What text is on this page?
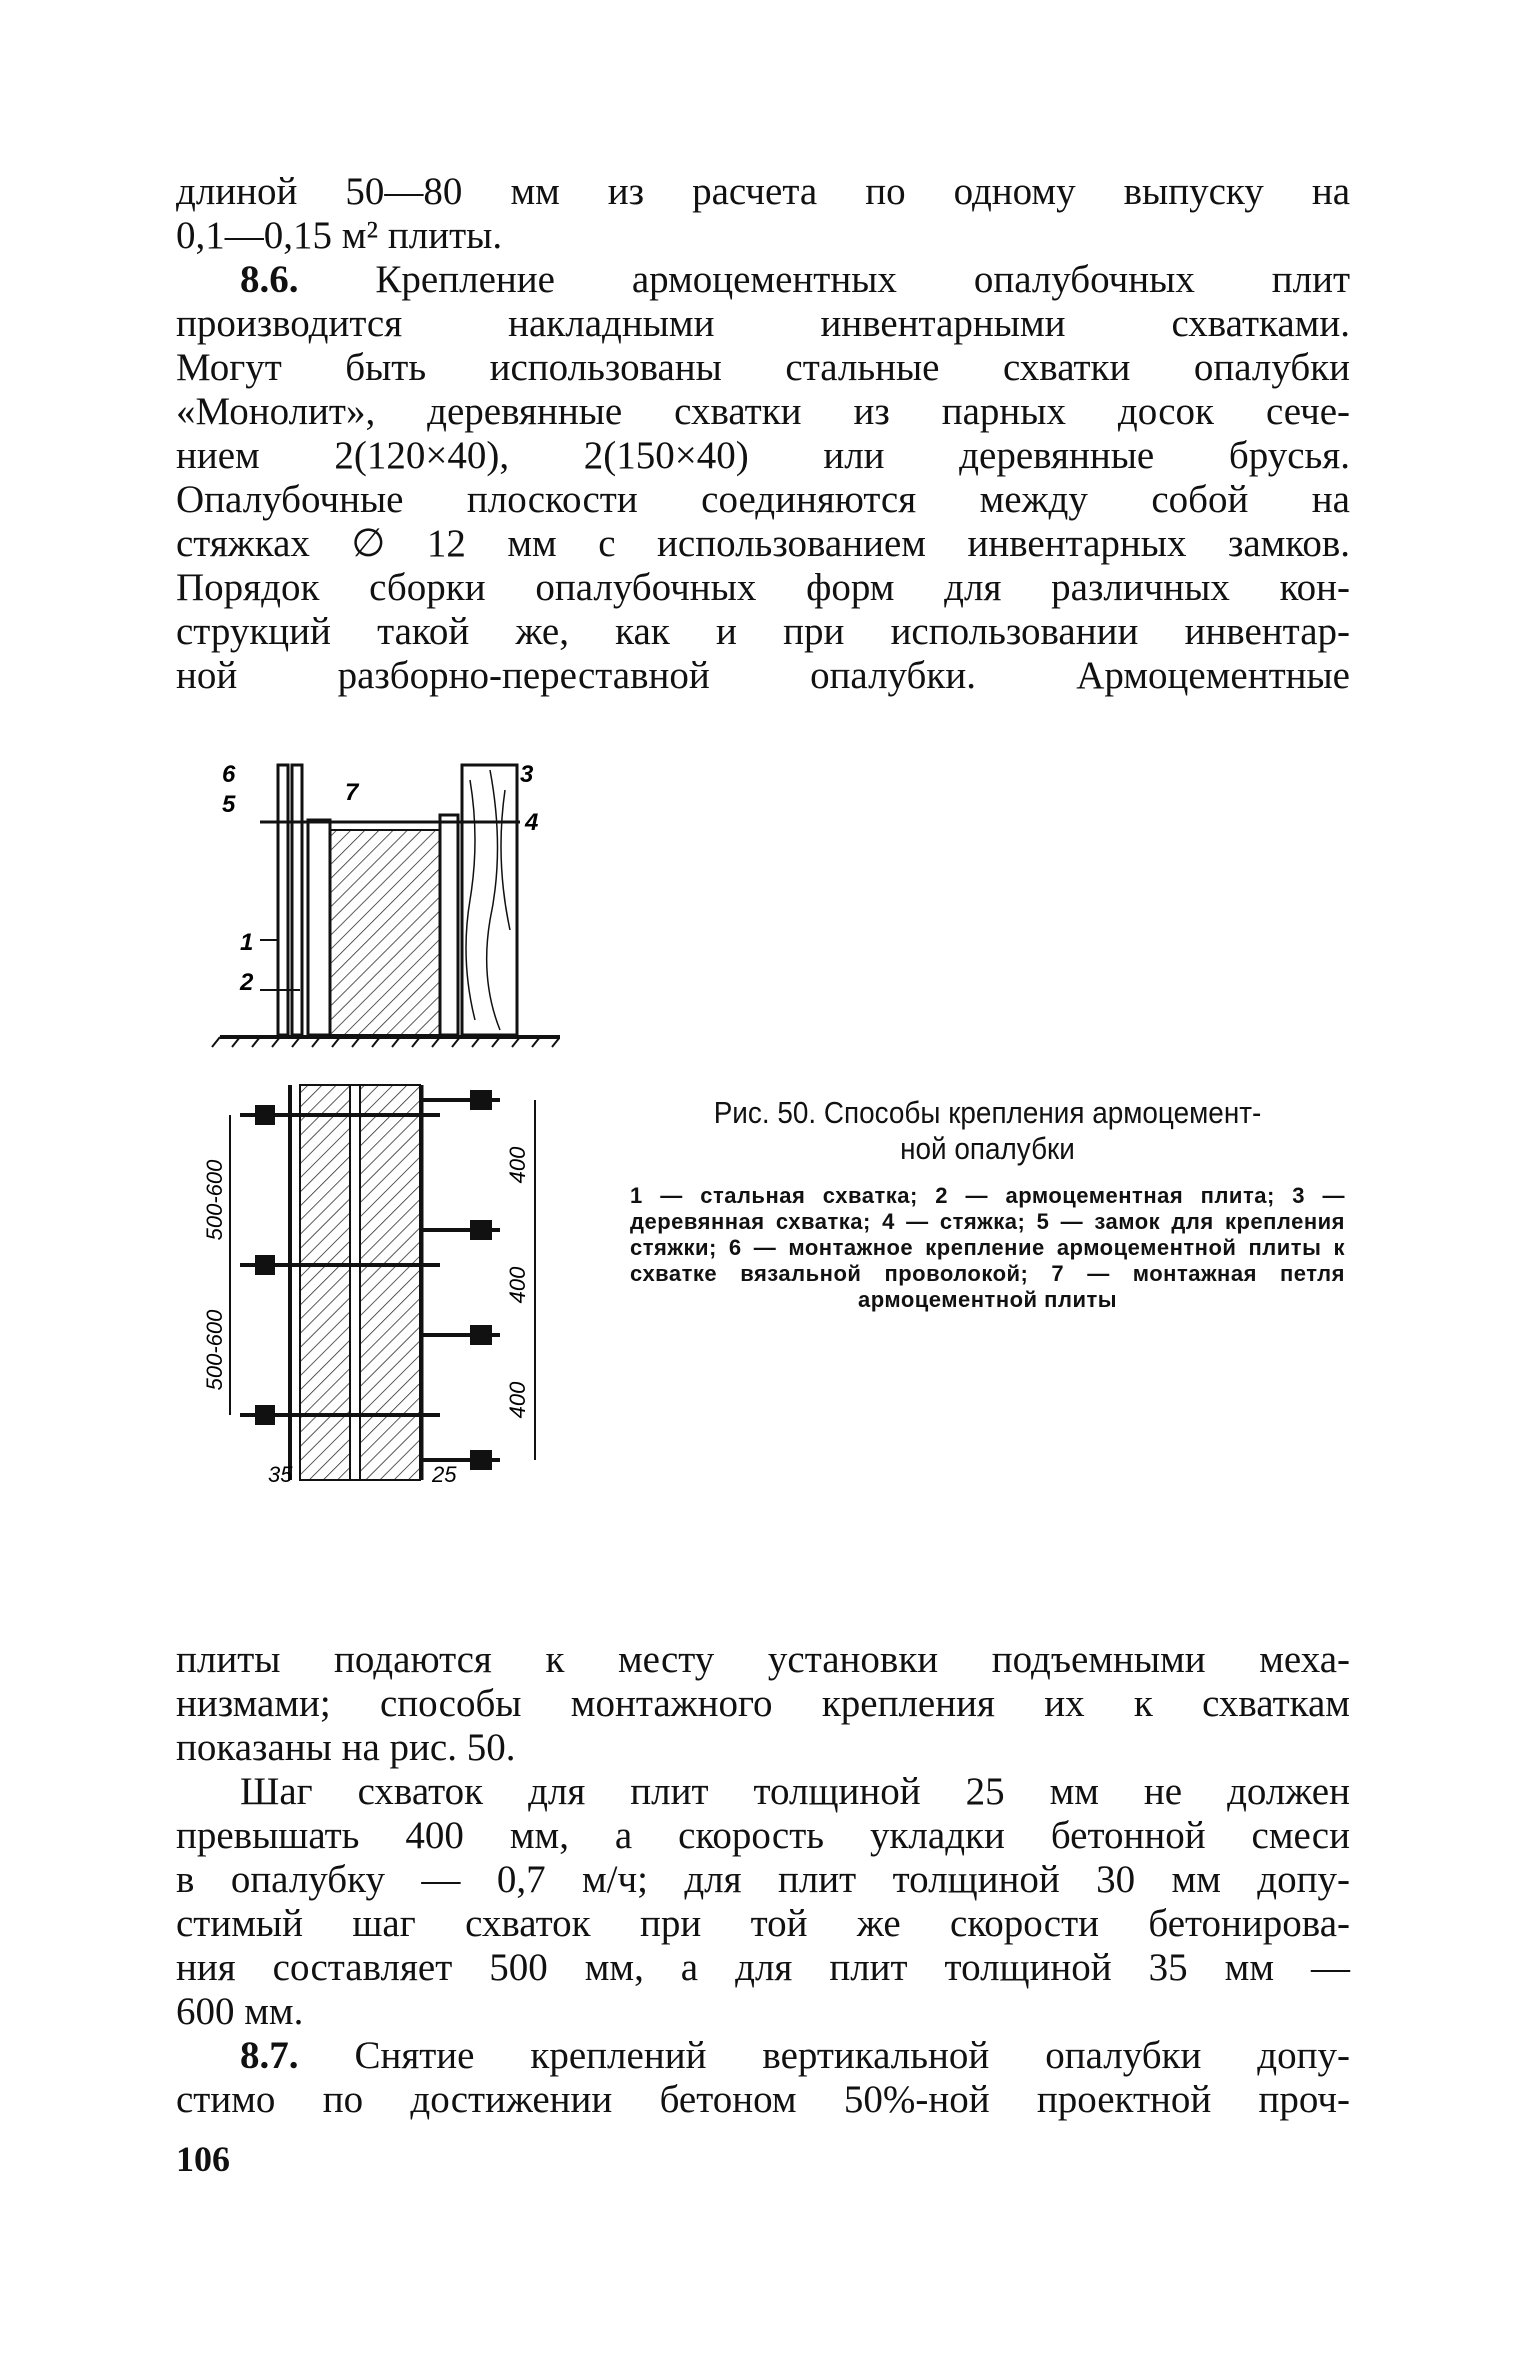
длиной 50—80 мм из расчета по одному выпуску на
0,1—0,15 м² плиты.
8.6. Крепление армоцементных опалубочных плит
производится накладными инвентарными схватками.
Могут быть использованы стальные схватки опалубки
«Монолит», деревянные схватки из парных досок сече-
нием 2(120×40), 2(150×40) или деревянные брусья.
Опалубочные плоскости соединяются между собой на
стяжках ∅ 12 мм с использованием инвентарных замков.
Порядок сборки опалубочных форм для различных кон-
струкций такой же, как и при использовании инвентар-
ной разборно-переставной опалубки. Армоцементные
6
5	7
3
4
1
2
500-600
500-600
400
400
400
35	25
Рис. 50. Способы крепления армоцемент-
ной опалубки
1 — стальная схватка; 2 — армоцементная плита; 3 — деревянная схватка; 4 — стяжка; 5 — замок для крепления стяжки; 6 — монтажное крепление армоцементной плиты к схватке вязальной проволокой; 7 — монтажная петля армоцементной плиты
плиты подаются к месту установки подъемными меха-
низмами; способы монтажного крепления их к схваткам
показаны на рис. 50.
Шаг схваток для плит толщиной 25 мм не должен
превышать 400 мм, а скорость укладки бетонной смеси
в опалубку — 0,7 м/ч; для плит толщиной 30 мм допу-
стимый шаг схваток при той же скорости бетонирова-
ния составляет 500 мм, а для плит толщиной 35 мм —
600 мм.
8.7. Снятие креплений вертикальной опалубки допу-
стимо по достижении бетоном 50%-ной проектной проч-
106
